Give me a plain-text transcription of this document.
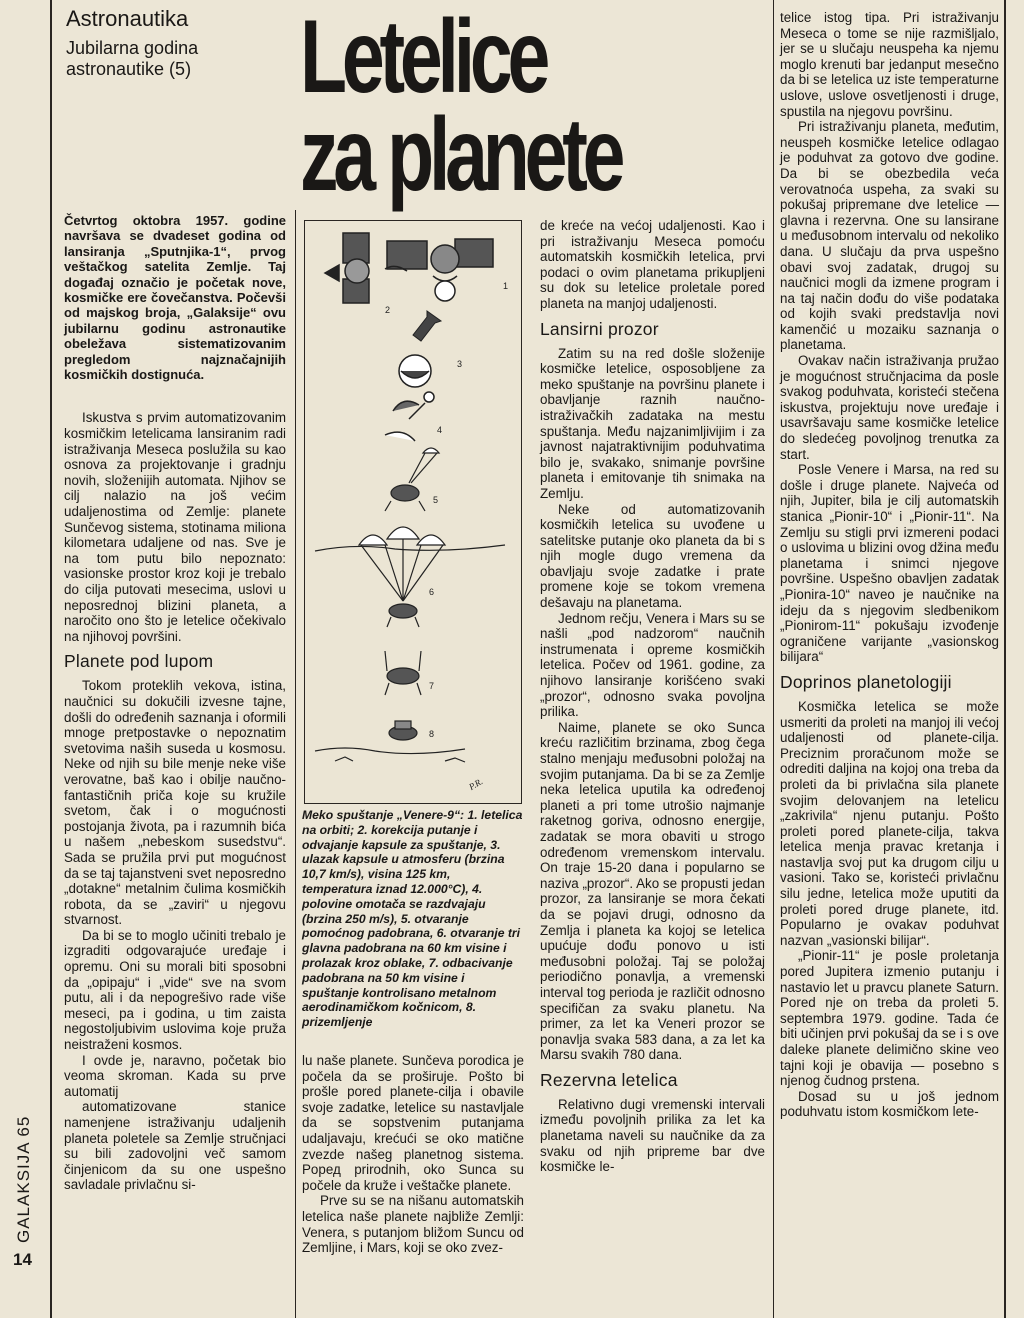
GALAKSIJA 65
14
Astronautika
Jubilarna godina
astronautike (5)	Letelice
za planete

Četvrtog oktobra 1957. godine navršava se dvadeset godina od lansiranja „Sputnjika-1“, prvog veštačkog satelita Zemlje. Taj događaj označio je početak nove, kosmičke ere čovečanstva. Počevši od majskog broja, „Galaksije“ ovu jubilarnu godinu astronautike obeležava sistematizovanim pregledom najznačajnijih kosmičkih dostignuća.

Iskustva s prvim automatizovanim kosmičkim letelicama lansiranim radi istraživanja Meseca poslužila su kao osnova za projektovanje i gradnju novih, složenijih automata. Njihov se cilj nalazio na još većim udaljenostima od Zemlje: planete Sunčevog sistema, stotinama miliona kilometara udaljene od nas. Sve je na tom putu bilo nepoznato: vasionske prostor kroz koji je trebalo do cilja putovati mesecima, uslovi u neposrednoj blizini planeta, a naročito ono što je letelice očekivalo na njihovoj površini.

Planete pod lupom

Tokom proteklih vekova, istina, naučnici su dokučili izvesne tajne, došli do određenih saznanja i oformili mnoge pretpostavke o nepoznatim svetovima naših suseda u kosmosu. Neke od njih su bile menje neke više verovatne, baš kao i obilje naučno-fantastičnih priča koje su kružile svetom, čak i o mogućnosti postojanja života, pa i razumnih bića u našem „nebeskom susedstvu“. Sada se pružila prvi put mogućnost da se taj tajanstveni svet neposredno „dotakne“ metalnim čulima kosmičkih robota, da se „zaviri“ u njegovu stvarnost.

Da bi se to moglo učiniti trebalo je izgraditi odgovarajuće uređaje i opremu. Oni su morali biti sposobni da „opipaju“ i „vide“ sve na svom putu, ali i da nepogrešivo rade više meseci, pa i godina, u tim zaista negostoljubivim uslovima koje pruža neistraženi kosmos.

I ovde je, naravno, početak bio veoma skroman. Kada su prve automatij

automatizovane stanice namenjene istraživanju udaljenih planeta poletele sa Zemlje stručnjaci su bili zadovoljni več samom činjenicom da su one uspešno savladale privlačnu si-

1
2
3
4
5
6
7
8
P.R.

Meko spuštanje „Venere-9“: 1. letelica na orbiti; 2. korekcija putanje i odvajanje kapsule za spuštanje, 3. ulazak kapsule u atmosferu (brzina 10,7 km/s), visina 125 km, temperatura iznad 12.000°C), 4. polovine omotača se razdvajaju (brzina 250 m/s), 5. otvaranje pomoćnog padobrana, 6. otvaranje tri glavna padobrana na 60 km visine i prolazak kroz oblake, 7. odbacivanje padobrana na 50 km visine i spuštanje kontrolisano metalnom aerodinamičkom kočnicom, 8. prizemljenje

lu naše planete. Sunčeva porodica je počela da se proširuje. Pošto bi prošle pored planete-cilja i obavile svoje zadatke, letelice su nastavljale da se sopstvenim putanjama udaljavaju, krećući se oko matične zvezde našeg planetnog sistema. Poред prirodnih, oko Sunca su počele da kruže i veštačke planete.

Prve su se na nišanu automatskih letelica naše planete najbliže Zemlji: Venera, s putanjom bližom Suncu od Zemljine, i Mars, koji se oko zvez-

de kreće na većoj udaljenosti. Kao i pri istraživanju Meseca pomoću automatskih kosmičkih letelica, prvi podaci o ovim planetama prikupljeni su dok su letelice proletale pored planeta na manjoj udaljenosti.

Lansirni prozor

Zatim su na red došle složenije kosmičke letelice, osposobljene za meko spuštanje na površinu planete i obavljanje raznih naučno-istraživačkih zadataka na mestu spuštanja. Među najzanimljivijim i za javnost najatraktivnijim poduhvatima bilo je, svakako, snimanje površine planeta i emitovanje tih snimaka na Zemlju.

Neke od automatizovanih kosmičkih letelica su uvođene u satelitske putanje oko planeta da bi s njih mogle dugo vremena da obavljaju svoje zadatke i prate promene koje se tokom vremena dešavaju na planetama.

Jednom rečju, Venera i Mars su se našli „pod nadzorom“ naučnih instrumenata i opreme kosmičkih letelica. Počev od 1961. godine, za njihovo lansiranje korišćeno svaki „prozor“, odnosno svaka povoljna prilika.

Naime, planete se oko Sunca kreću različitim brzinama, zbog čega stalno menjaju međusobni položaj na svojim putanjama. Da bi se za Zemlje neka letelica uputila ka određenoj planeti a pri tome utrošio najmanje raketnog goriva, odnosno energije, zadatak se mora obaviti u strogo određenom vremenskom intervalu. On traje 15-20 dana i popularno se naziva „prozor“. Ako se propusti jedan prozor, za lansiranje se mora čekati da se pojavi drugi, odnosno da Zemlja i planeta ka kojoj se letelica upućuje dođu ponovo u isti međusobni položaj. Taj se položaj periodično ponavlja, a vremenski interval tog perioda je različit odnosno specifičan za svaku planetu. Na primer, za let ka Veneri prozor se ponavlja svaka 583 dana, a za let ka Marsu svakih 780 dana.

Rezervna letelica

Relativno dugi vremenski intervali između povoljnih prilika za let ka planetama naveli su naučnike da za svaku od njih pripreme bar dve kosmičke le-

telice istog tipa. Pri istraživanju Meseca o tome se nije razmišljalo, jer se u slučaju neuspeha ka njemu moglo krenuti bar jedanput mesečno da bi se letelica uz iste temperaturne uslove, uslove osvetljenosti i druge, spustila na njegovu površinu.

Pri istraživanju planeta, međutim, neuspeh kosmičke letelice odlagao je poduhvat za gotovo dve godine. Da bi se obezbedila veća verovatnoća uspeha, za svaki su pokušaj pripremane dve letelice — glavna i rezervna. One su lansirane u međusobnom intervalu od nekoliko dana. U slučaju da prva uspešno obavi svoj zadatak, drugoj su naučnici mogli da izmene program i na taj način dođu do više podataka od kojih svaki predstavlja novi kamenčić u mozaiku saznanja o planetama.

Ovakav način istraživanja pružao je mogućnost stručnjacima da posle svakog poduhvata, koristeći stečena iskustva, projektuju nove uređaje i usavršavaju same kosmičke letelice do sledećeg povoljnog trenutka za start.

Posle Venere i Marsa, na red su došle i druge planete. Najveća od njih, Jupiter, bila je cilj automatskih stanica „Pionir-10“ i „Pionir-11“. Na Zemlju su stigli prvi izmereni podaci o uslovima u blizini ovog džina među planetama i snimci njegove površine. Uspešno obavljen zadatak „Pionira-10“ naveo je naučnike na ideju da s njegovim sledbenikom „Pionirom-11“ pokušaju izvođenje ograničene varijante „vasionskog bilijara“

Doprinos planetologiji

Kosmička letelica se može usmeriti da proleti na manjoj ili većoj udaljenosti od planete-cilja. Preciznim proračunom može se odrediti daljina na kojoj ona treba da proleti da bi privlačna sila planete svojim delovanjem na letelicu „zakrivila“ njenu putanju. Pošto proleti pored planete-cilja, takva letelica menja pravac kretanja i nastavlja svoj put ka drugom cilju u vasioni. Tako se, koristeći privlačnu silu jedne, letelica može uputiti da proleti pored druge planete, itd. Popularno je ovakav poduhvat nazvan „vasionski bilijar“.

„Pionir-11“ je posle proletanja pored Jupitera izmenio putanju i nastavio let u pravcu planete Saturn. Pored nje on treba da proleti 5. septembra 1979. godine. Tada će biti učinjen prvi pokušaj da se i s ove daleke planete delimično skine veo tajni koji je obavija — posebno s njenog čudnog prstena.

Dosad su u još jednom poduhvatu istom kosmičkom lete-
